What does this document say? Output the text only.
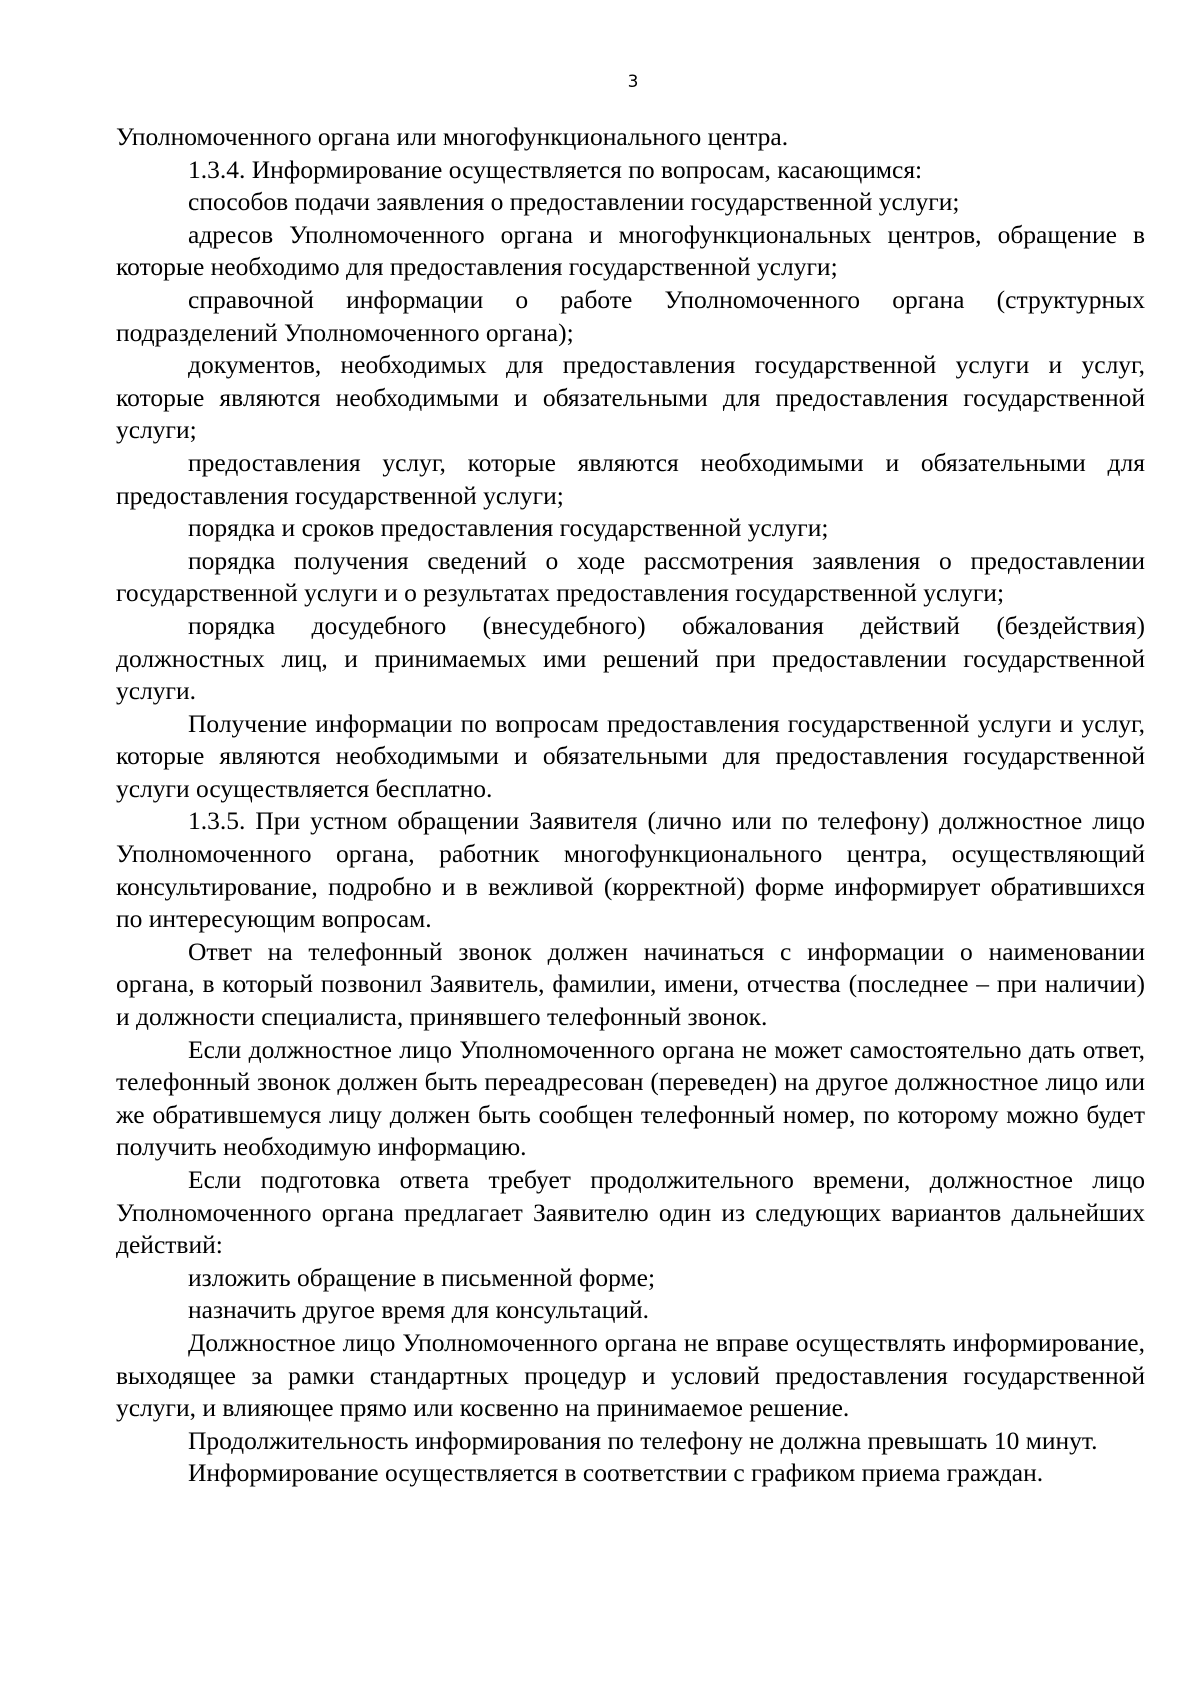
3

Уполномоченного органа или многофункционального центра.

1.3.4. Информирование осуществляется по вопросам, касающимся:

способов подачи заявления о предоставлении государственной услуги;

адресов Уполномоченного органа и многофункциональных центров, обращение в которые необходимо для предоставления государственной услуги;

справочной информации о работе Уполномоченного органа (структурных подразделений Уполномоченного органа);

документов, необходимых для предоставления государственной услуги и услуг, которые являются необходимыми и обязательными для предоставления государственной услуги;

предоставления услуг, которые являются необходимыми и обязательными для предоставления государственной услуги;

порядка и сроков предоставления государственной услуги;

порядка получения сведений о ходе рассмотрения заявления о предоставлении государственной услуги и о результатах предоставления государственной услуги;

порядка досудебного (внесудебного) обжалования действий (бездействия) должностных лиц, и принимаемых ими решений при предоставлении государственной услуги.

Получение информации по вопросам предоставления государственной услуги и услуг, которые являются необходимыми и обязательными для предоставления государственной услуги осуществляется бесплатно.

1.3.5. При устном обращении Заявителя (лично или по телефону) должностное лицо Уполномоченного органа, работник многофункционального центра, осуществляющий консультирование, подробно и в вежливой (корректной) форме информирует обратившихся по интересующим вопросам.

Ответ на телефонный звонок должен начинаться с информации о наименовании органа, в который позвонил Заявитель, фамилии, имени, отчества (последнее – при наличии) и должности специалиста, принявшего телефонный звонок.

Если должностное лицо Уполномоченного органа не может самостоятельно дать ответ, телефонный звонок должен быть переадресован (переведен) на другое должностное лицо или же обратившемуся лицу должен быть сообщен телефонный номер, по которому можно будет получить необходимую информацию.

Если подготовка ответа требует продолжительного времени, должностное лицо Уполномоченного органа предлагает Заявителю один из следующих вариантов дальнейших действий:

изложить обращение в письменной форме;

назначить другое время для консультаций.

Должностное лицо Уполномоченного органа не вправе осуществлять информирование, выходящее за рамки стандартных процедур и условий предоставления государственной услуги, и влияющее прямо или косвенно на принимаемое решение.

Продолжительность информирования по телефону не должна превышать 10 минут.

Информирование осуществляется в соответствии с графиком приема граждан.
